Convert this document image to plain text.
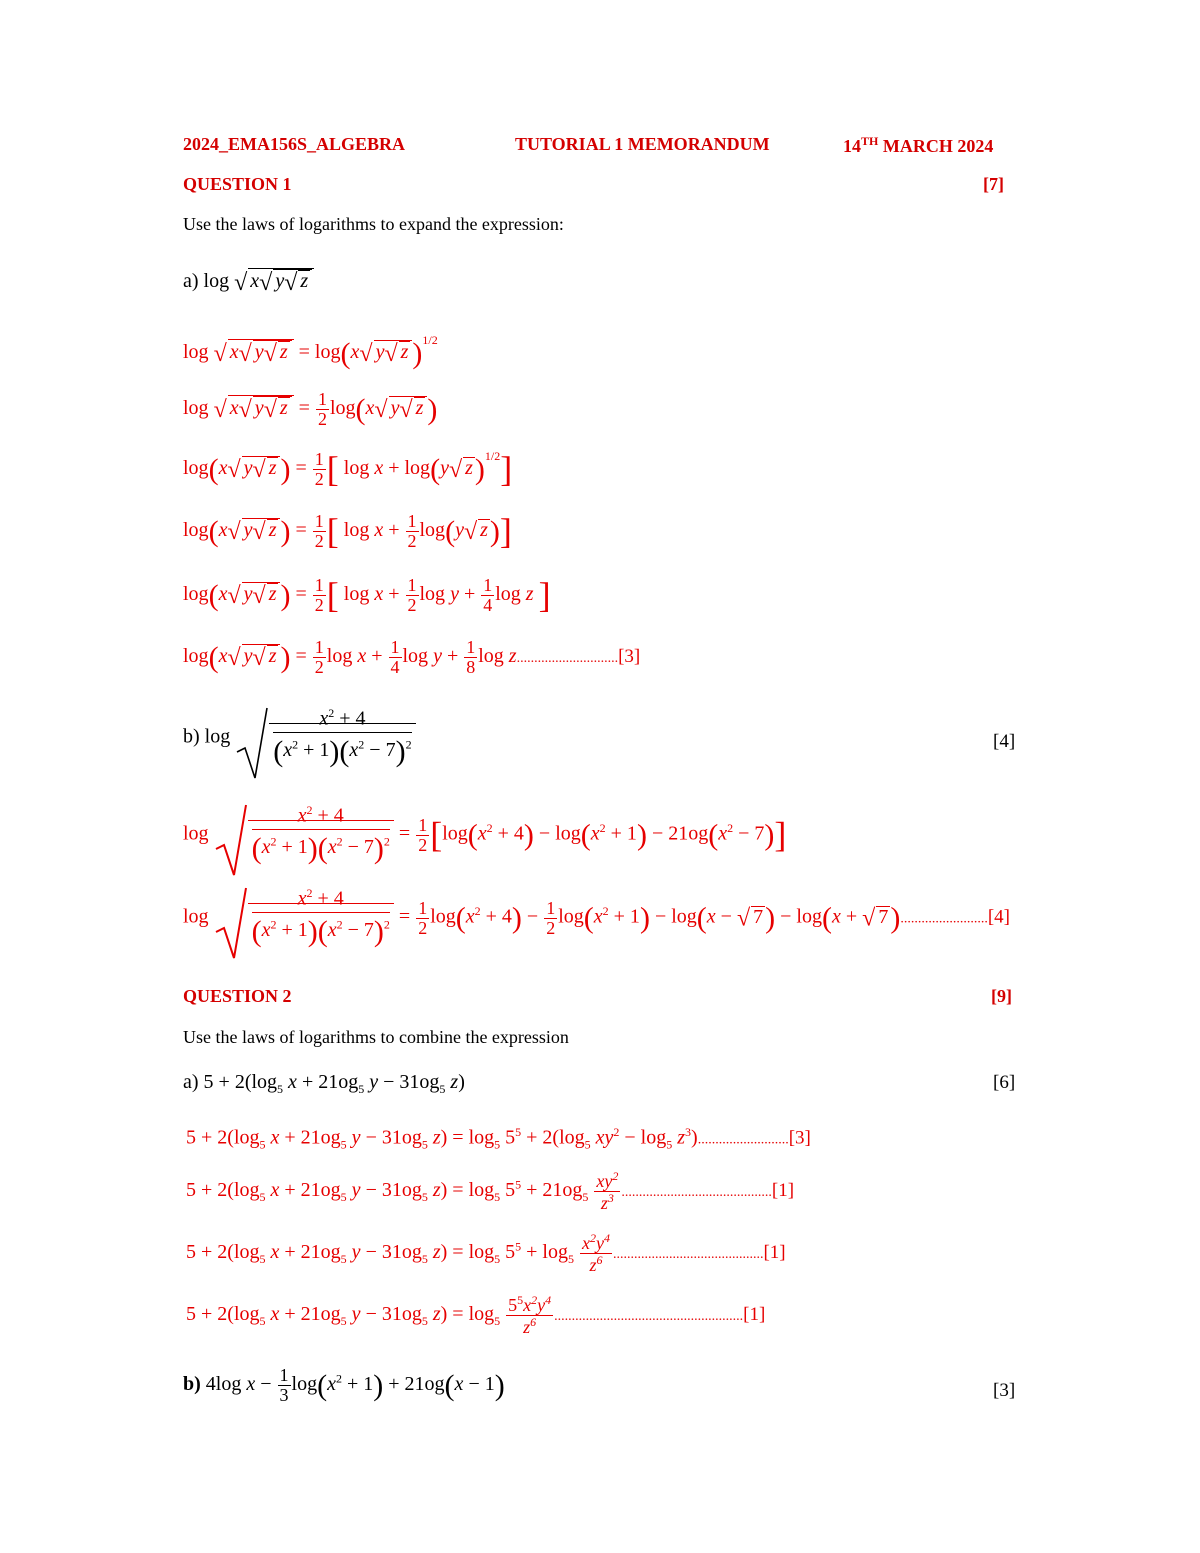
2024_EMA156S_ALGEBRA	TUTORIAL 1 MEMORANDUM	14TH MARCH 2024
QUESTION 1	[7]
Use the laws of logarithms to expand the expression:
a) log √ x√ y√ z
log √ x√ y√ z = log(x√ y√ z )$^{1/2}$
log √ x√ y√ $z = \frac{1}{2} \log(x√$ y√ z )
log(x√ y√ z ) = $\frac{1}{2}$ [ log x + log(y√ z)$^{1/2}$]
log(x√ y√ z ) = $\frac{1}{2}$ [ $\log x + \frac{1}{2} \log(y√$ z)]
log(x√ y√ z ) = $\frac{1}{2}$ [ $\log x + \frac{1}{2}$ $\log y + \frac{1}{4}$ log z ]
log(x√ y√ z ) = $\frac{1}{2}$ $\log x + \frac{1}{4}$ $\log y + \frac{1}{8}$ log z.............................[3]
b) $\log \frac{x^2 + 4}{(x^2 + 1)(x^2 - 7)^2}$	[4]
$\log \frac{x^2 + 4}{(x^2 + 1)(x^2 - 7)^2} = \frac{1}{2} [\log(x^2 + 4) - \log(x^2 + 1) - 21og(x^2 - 7)]$
$\log \frac{x^2 + 4}{(x^2 + 1)(x^2 - 7)^2} = \frac{1}{2} \log(x^2 + 4) - \frac{1}{2} \log(x^2 + 1) - \log(x$ − √ 7) − log(x + √ 7).........................[4]
QUESTION 2	[9]
Use the laws of logarithms to combine the expression
a) $5 + 2(\log_5$ $x + 21og_5$ $y - 31og_5$ z)	[6]
$5 + 2(\log_5$ $x + 21og_5$ $y - 31og_5$ $z) = \log_5 5^5 + 2(\log_5$ $xy^2 - \log_5 z^3)..........................[3]$
$5 + 2(\log_5$ $x + 21og_5$ $y - 31og_5$ $z) = \log_5 5^5 + 21og_5 \frac{xy^2}{z^3} ...........................................[1]$
$5 + 2(\log_5$ $x + 21og_5$ $y - 31og_5$ $z) = \log_5 5^5 + \log_5 \frac{x^2y^4}{z^6} ...........................................[1]$
$5 + 2(\log_5$ $x + 21og_5$ $y - 31og_5$ $z) = \log_5 \frac{5^5x^2y^4}{z^6} ......................................................[1]$
b) 4log $x - \frac{1}{3} \log(x^2 + 1) + 21og(x - 1)$	[3]
